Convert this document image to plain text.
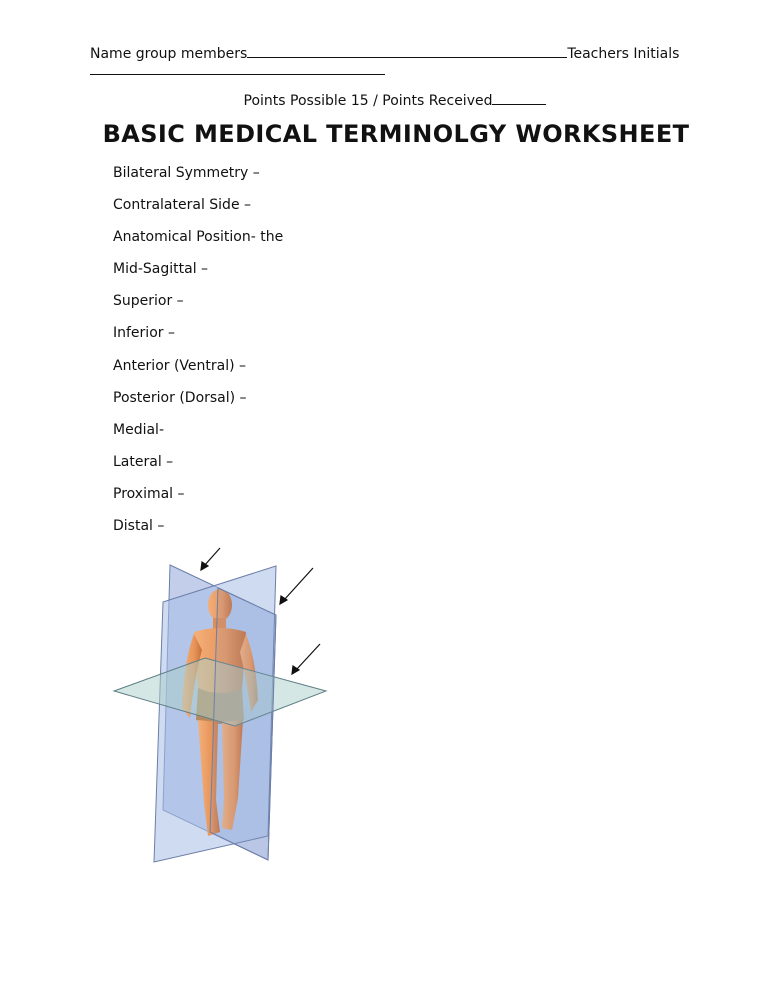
Name group members	Teachers Initials
Points Possible 15 / Points Received
BASIC MEDICAL TERMINOLGY WORKSHEET
Bilateral Symmetry –
Contralateral Side –
Anatomical Position- the
Mid-Sagittal –
Superior –
Inferior –
Anterior (Ventral) –
Posterior (Dorsal) –
Medial-
Lateral –
Proximal –
Distal –
